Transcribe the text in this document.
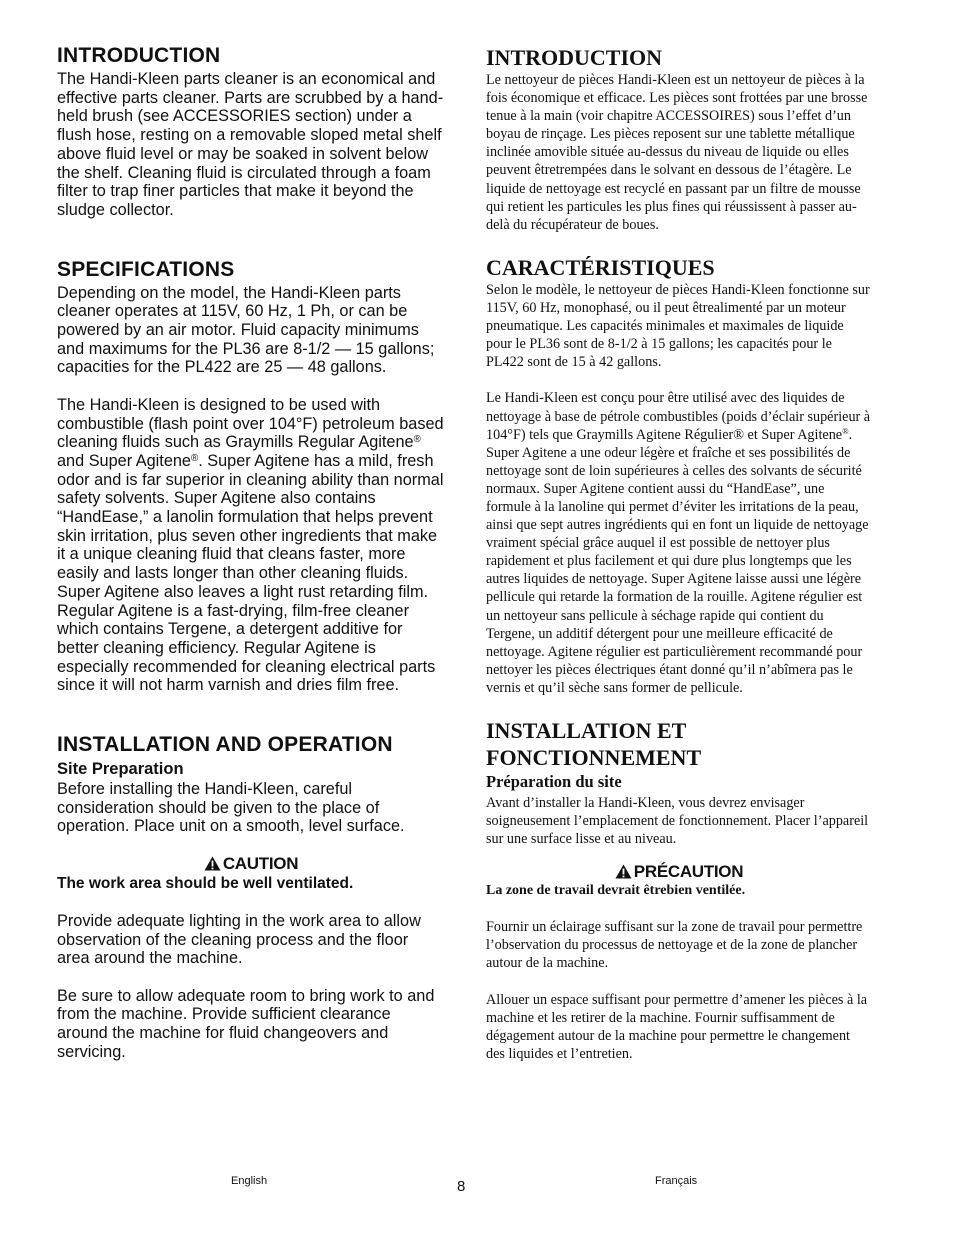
INTRODUCTION

The Handi-Kleen parts cleaner is an economical and effective parts cleaner. Parts are scrubbed by a hand-held brush (see ACCESSORIES section) under a flush hose, resting on a removable sloped metal shelf above fluid level or may be soaked in solvent below the shelf. Cleaning fluid is circulated through a foam filter to trap finer particles that make it beyond the sludge collector.

SPECIFICATIONS

Depending on the model, the Handi-Kleen parts cleaner operates at 115V, 60 Hz, 1 Ph, or can be powered by an air motor. Fluid capacity minimums and maximums for the PL36 are 8-1/2 — 15 gallons; capacities for the PL422 are 25 — 48 gallons.

The Handi-Kleen is designed to be used with combustible (flash point over 104°F) petroleum based cleaning fluids such as Graymills Regular Agitene® and Super Agitene®. Super Agitene has a mild, fresh odor and is far superior in cleaning ability than normal safety solvents. Super Agitene also contains “HandEase,” a lanolin formulation that helps prevent skin irritation, plus seven other ingredients that make it a unique cleaning fluid that cleans faster, more easily and lasts longer than other cleaning fluids. Super Agitene also leaves a light rust retarding film. Regular Agitene is a fast-drying, film-free cleaner which contains Tergene, a detergent additive for better cleaning efficiency. Regular Agitene is especially recommended for cleaning electrical parts since it will not harm varnish and dries film free.

INSTALLATION AND OPERATION
Site Preparation

Before installing the Handi-Kleen, careful consideration should be given to the place of operation. Place unit on a smooth, level surface.

CAUTION

The work area should be well ventilated.

Provide adequate lighting in the work area to allow observation of the cleaning process and the floor area around the machine.

Be sure to allow adequate room to bring work to and from the machine. Provide sufficient clearance around the machine for fluid changeovers and servicing.

INTRODUCTION

Le nettoyeur de pièces Handi-Kleen est un nettoyeur de pièces à la fois économique et efficace. Les pièces sont frottées par une brosse tenue à la main (voir chapitre ACCESSOIRES) sous l’effet d’un boyau de rinçage. Les pièces reposent sur une tablette métallique inclinée amovible située au-dessus du niveau de liquide ou elles peuvent êtretrempées dans le solvant en dessous de l’étagère. Le liquide de nettoyage est recyclé en passant par un filtre de mousse qui retient les particules les plus fines qui réussissent à passer au-delà du récupérateur de boues.

CARACTÉRISTIQUES

Selon le modèle, le nettoyeur de pièces Handi-Kleen fonctionne sur 115V, 60 Hz, monophasé, ou il peut êtrealimenté par un moteur pneumatique. Les capacités minimales et maximales de liquide pour le PL36 sont de 8-1/2 à 15 gallons; les capacités pour le PL422 sont de 15 à 42 gallons.

Le Handi-Kleen est conçu pour être utilisé avec des liquides de nettoyage à base de pétrole combustibles (poids d’éclair supérieur à 104°F) tels que Graymills Agitene Régulier® et Super Agitene®. Super Agitene a une odeur légère et fraîche et ses possibilités de nettoyage sont de loin supérieures à celles des solvants de sécurité normaux. Super Agitene contient aussi du “HandEase”, une formule à la lanoline qui permet d’éviter les irritations de la peau, ainsi que sept autres ingrédients qui en font un liquide de nettoyage vraiment spécial grâce auquel il est possible de nettoyer plus rapidement et plus facilement et qui dure plus longtemps que les autres liquides de nettoyage. Super Agitene laisse aussi une légère pellicule qui retarde la formation de la rouille. Agitene régulier est un nettoyeur sans pellicule à séchage rapide qui contient du Tergene, un additif détergent pour une meilleure efficacité de nettoyage. Agitene régulier est particulièrement recommandé pour nettoyer les pièces électriques étant donné qu’il n’abîmera pas le vernis et qu’il sèche sans former de pellicule.

INSTALLATION ET FONCTIONNEMENT
Préparation du site

Avant d’installer la Handi-Kleen, vous devrez envisager soigneusement l’emplacement de fonctionnement. Placer l’appareil sur une surface lisse et au niveau.

PRÉCAUTION

La zone de travail devrait êtrebien ventilée.

Fournir un éclairage suffisant sur la zone de travail pour permettre l’observation du processus de nettoyage et de la zone de plancher autour de la machine.

Allouer un espace suffisant pour permettre d’amener les pièces à la machine et les retirer de la machine. Fournir suffisamment de dégagement autour de la machine pour permettre le changement des liquides et l’entretien.

English	8	Français
